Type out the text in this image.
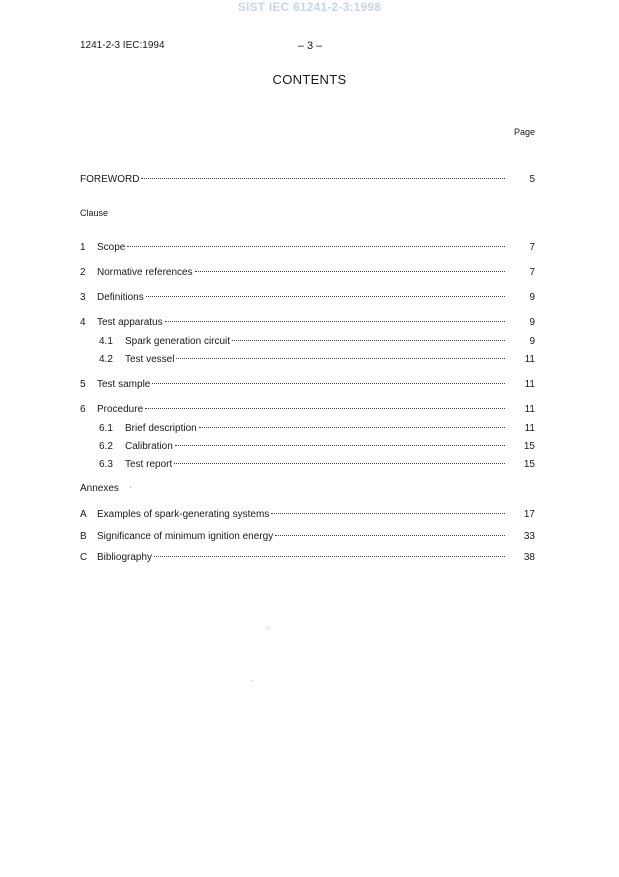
SIST IEC 61241-2-3:1998
1241-2-3 IEC:1994	– 3 –
CONTENTS
Page
FOREWORD	5
Clause
1	Scope	7
2	Normative references	7
3	Definitions	9
4	Test apparatus	9
4.1	Spark generation circuit	9
4.2	Test vessel	11
5	Test sample	11
6	Procedure	11
6.1	Brief description	11
6.2	Calibration	15
6.3	Test report	15
Annexes
A	Examples of spark-generating systems	17
B	Significance of minimum ignition energy	33
C Bibliography	38
